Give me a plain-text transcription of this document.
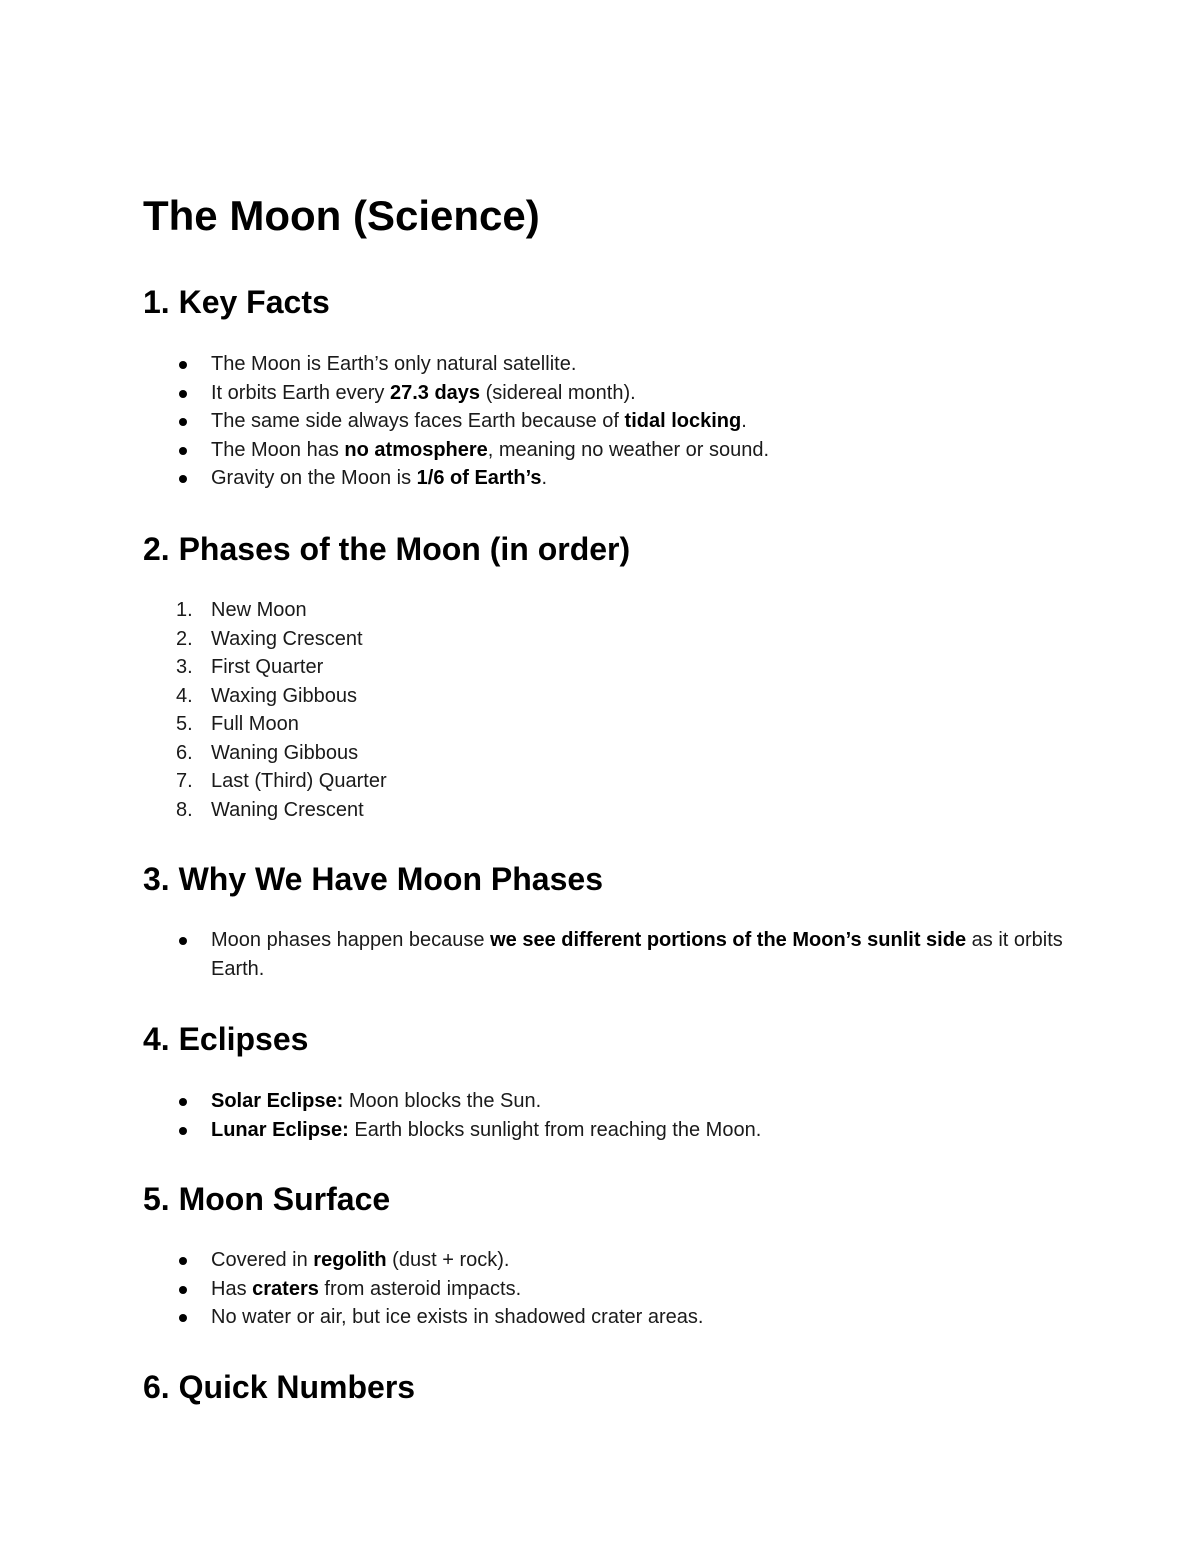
The Moon (Science)
1. Key Facts
The Moon is Earth’s only natural satellite.
It orbits Earth every 27.3 days (sidereal month).
The same side always faces Earth because of tidal locking.
The Moon has no atmosphere, meaning no weather or sound.
Gravity on the Moon is 1/6 of Earth’s.
2. Phases of the Moon (in order)
1. New Moon
2. Waxing Crescent
3. First Quarter
4. Waxing Gibbous
5. Full Moon
6. Waning Gibbous
7. Last (Third) Quarter
8. Waning Crescent
3. Why We Have Moon Phases
Moon phases happen because we see different portions of the Moon’s sunlit side as it orbits Earth.
4. Eclipses
Solar Eclipse: Moon blocks the Sun.
Lunar Eclipse: Earth blocks sunlight from reaching the Moon.
5. Moon Surface
Covered in regolith (dust + rock).
Has craters from asteroid impacts.
No water or air, but ice exists in shadowed crater areas.
6. Quick Numbers
